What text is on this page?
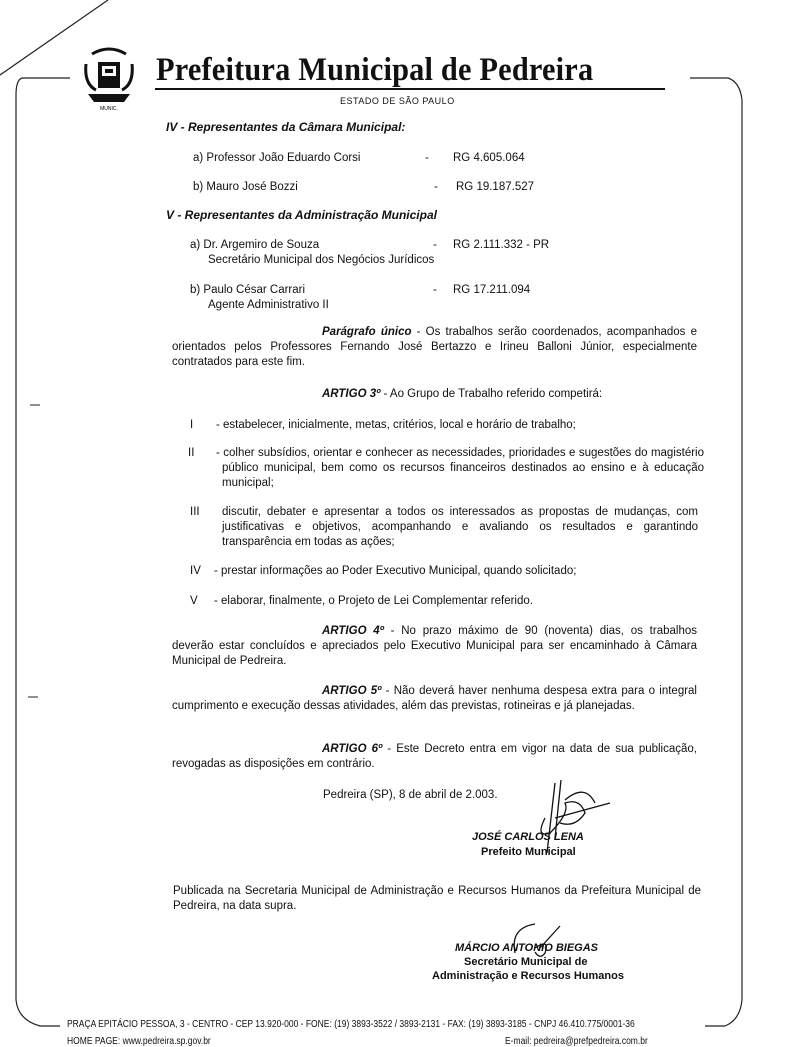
MUNIC.
Prefeitura Municipal de Pedreira
ESTADO DE SÃO PAULO
IV - Representantes da Câmara Municipal:
a) Professor João Eduardo Corsi	- RG 4.605.064
b) Mauro José Bozzi	- RG 19.187.527
V - Representantes da Administração Municipal
a) Dr. Argemiro de Souza	- RG 2.111.332 - PR
Secretário Municipal dos Negócios Jurídicos
b) Paulo César Carrari	- RG 17.211.094
Agente Administrativo II
Parágrafo único - Os trabalhos serão coordenados, acompanhados e orientados pelos Professores Fernando José Bertazzo e Irineu Balloni Júnior, especialmente contratados para este fim.
ARTIGO 3º - Ao Grupo de Trabalho referido competirá:
I - estabelecer, inicialmente, metas, critérios, local e horário de trabalho;
II - colher subsídios, orientar e conhecer as necessidades, prioridades e sugestões do magistério público municipal, bem como os recursos financeiros destinados ao ensino e à educação municipal;
III discutir, debater e apresentar a todos os interessados as propostas de mudanças, com justificativas e objetivos, acompanhando e avaliando os resultados e garantindo transparência em todas as ações;
IV - prestar informações ao Poder Executivo Municipal, quando solicitado;
V - elaborar, finalmente, o Projeto de Lei Complementar referido.
ARTIGO 4º - No prazo máximo de 90 (noventa) dias, os trabalhos deverão estar concluídos e apreciados pelo Executivo Municipal para ser encaminhado à Câmara Municipal de Pedreira.
ARTIGO 5º - Não deverá haver nenhuma despesa extra para o integral cumprimento e execução dessas atividades, além das previstas, rotineiras e já planejadas.
ARTIGO 6º - Este Decreto entra em vigor na data de sua publicação, revogadas as disposições em contrário.
Pedreira (SP), 8 de abril de 2.003.
JOSÉ CARLOS LENA
Prefeito Municipal
Publicada na Secretaria Municipal de Administração e Recursos Humanos da Prefeitura Municipal de Pedreira, na data supra.
MÁRCIO ANTONIO BIEGAS
Secretário Municipal de
Administração e Recursos Humanos
PRAÇA EPITÁCIO PESSOA, 3 - CENTRO - CEP 13.920-000 - FONE: (19) 3893-3522 / 3893-2131 - FAX: (19) 3893-3185 - CNPJ 46.410.775/0001-36
HOME PAGE: www.pedreira.sp.gov.br	E-mail: pedreira@prefpedreira.com.br
